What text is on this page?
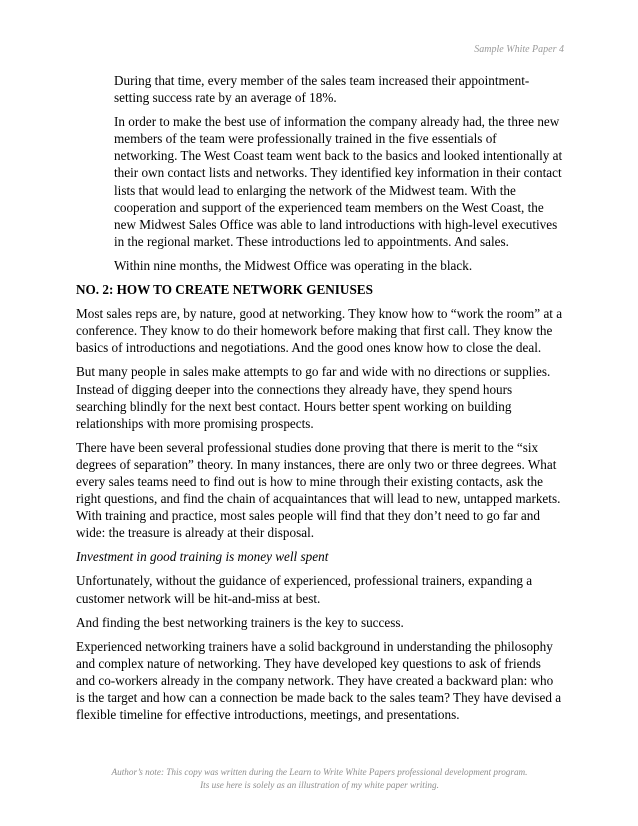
Sample White Paper 4

During that time, every member of the sales team increased their appointment-setting success rate by an average of 18%.

In order to make the best use of information the company already had, the three new members of the team were professionally trained in the five essentials of networking. The West Coast team went back to the basics and looked intentionally at their own contact lists and networks. They identified key information in their contact lists that would lead to enlarging the network of the Midwest team. With the cooperation and support of the experienced team members on the West Coast, the new Midwest Sales Office was able to land introductions with high-level executives in the regional market. These introductions led to appointments. And sales.

Within nine months, the Midwest Office was operating in the black.

NO. 2: HOW TO CREATE NETWORK GENIUSES

Most sales reps are, by nature, good at networking. They know how to “work the room” at a conference. They know to do their homework before making that first call. They know the basics of introductions and negotiations. And the good ones know how to close the deal.

But many people in sales make attempts to go far and wide with no directions or supplies. Instead of digging deeper into the connections they already have, they spend hours searching blindly for the next best contact. Hours better spent working on building relationships with more promising prospects.

There have been several professional studies done proving that there is merit to the “six degrees of separation” theory. In many instances, there are only two or three degrees. What every sales teams need to find out is how to mine through their existing contacts, ask the right questions, and find the chain of acquaintances that will lead to new, untapped markets. With training and practice, most sales people will find that they don’t need to go far and wide: the treasure is already at their disposal.

Investment in good training is money well spent

Unfortunately, without the guidance of experienced, professional trainers, expanding a customer network will be hit-and-miss at best.

And finding the best networking trainers is the key to success.

Experienced networking trainers have a solid background in understanding the philosophy and complex nature of networking. They have developed key questions to ask of friends and co-workers already in the company network. They have created a backward plan: who is the target and how can a connection be made back to the sales team? They have devised a flexible timeline for effective introductions, meetings, and presentations.

Author’s note: This copy was written during the Learn to Write White Papers professional development program.
Its use here is solely as an illustration of my white paper writing.
